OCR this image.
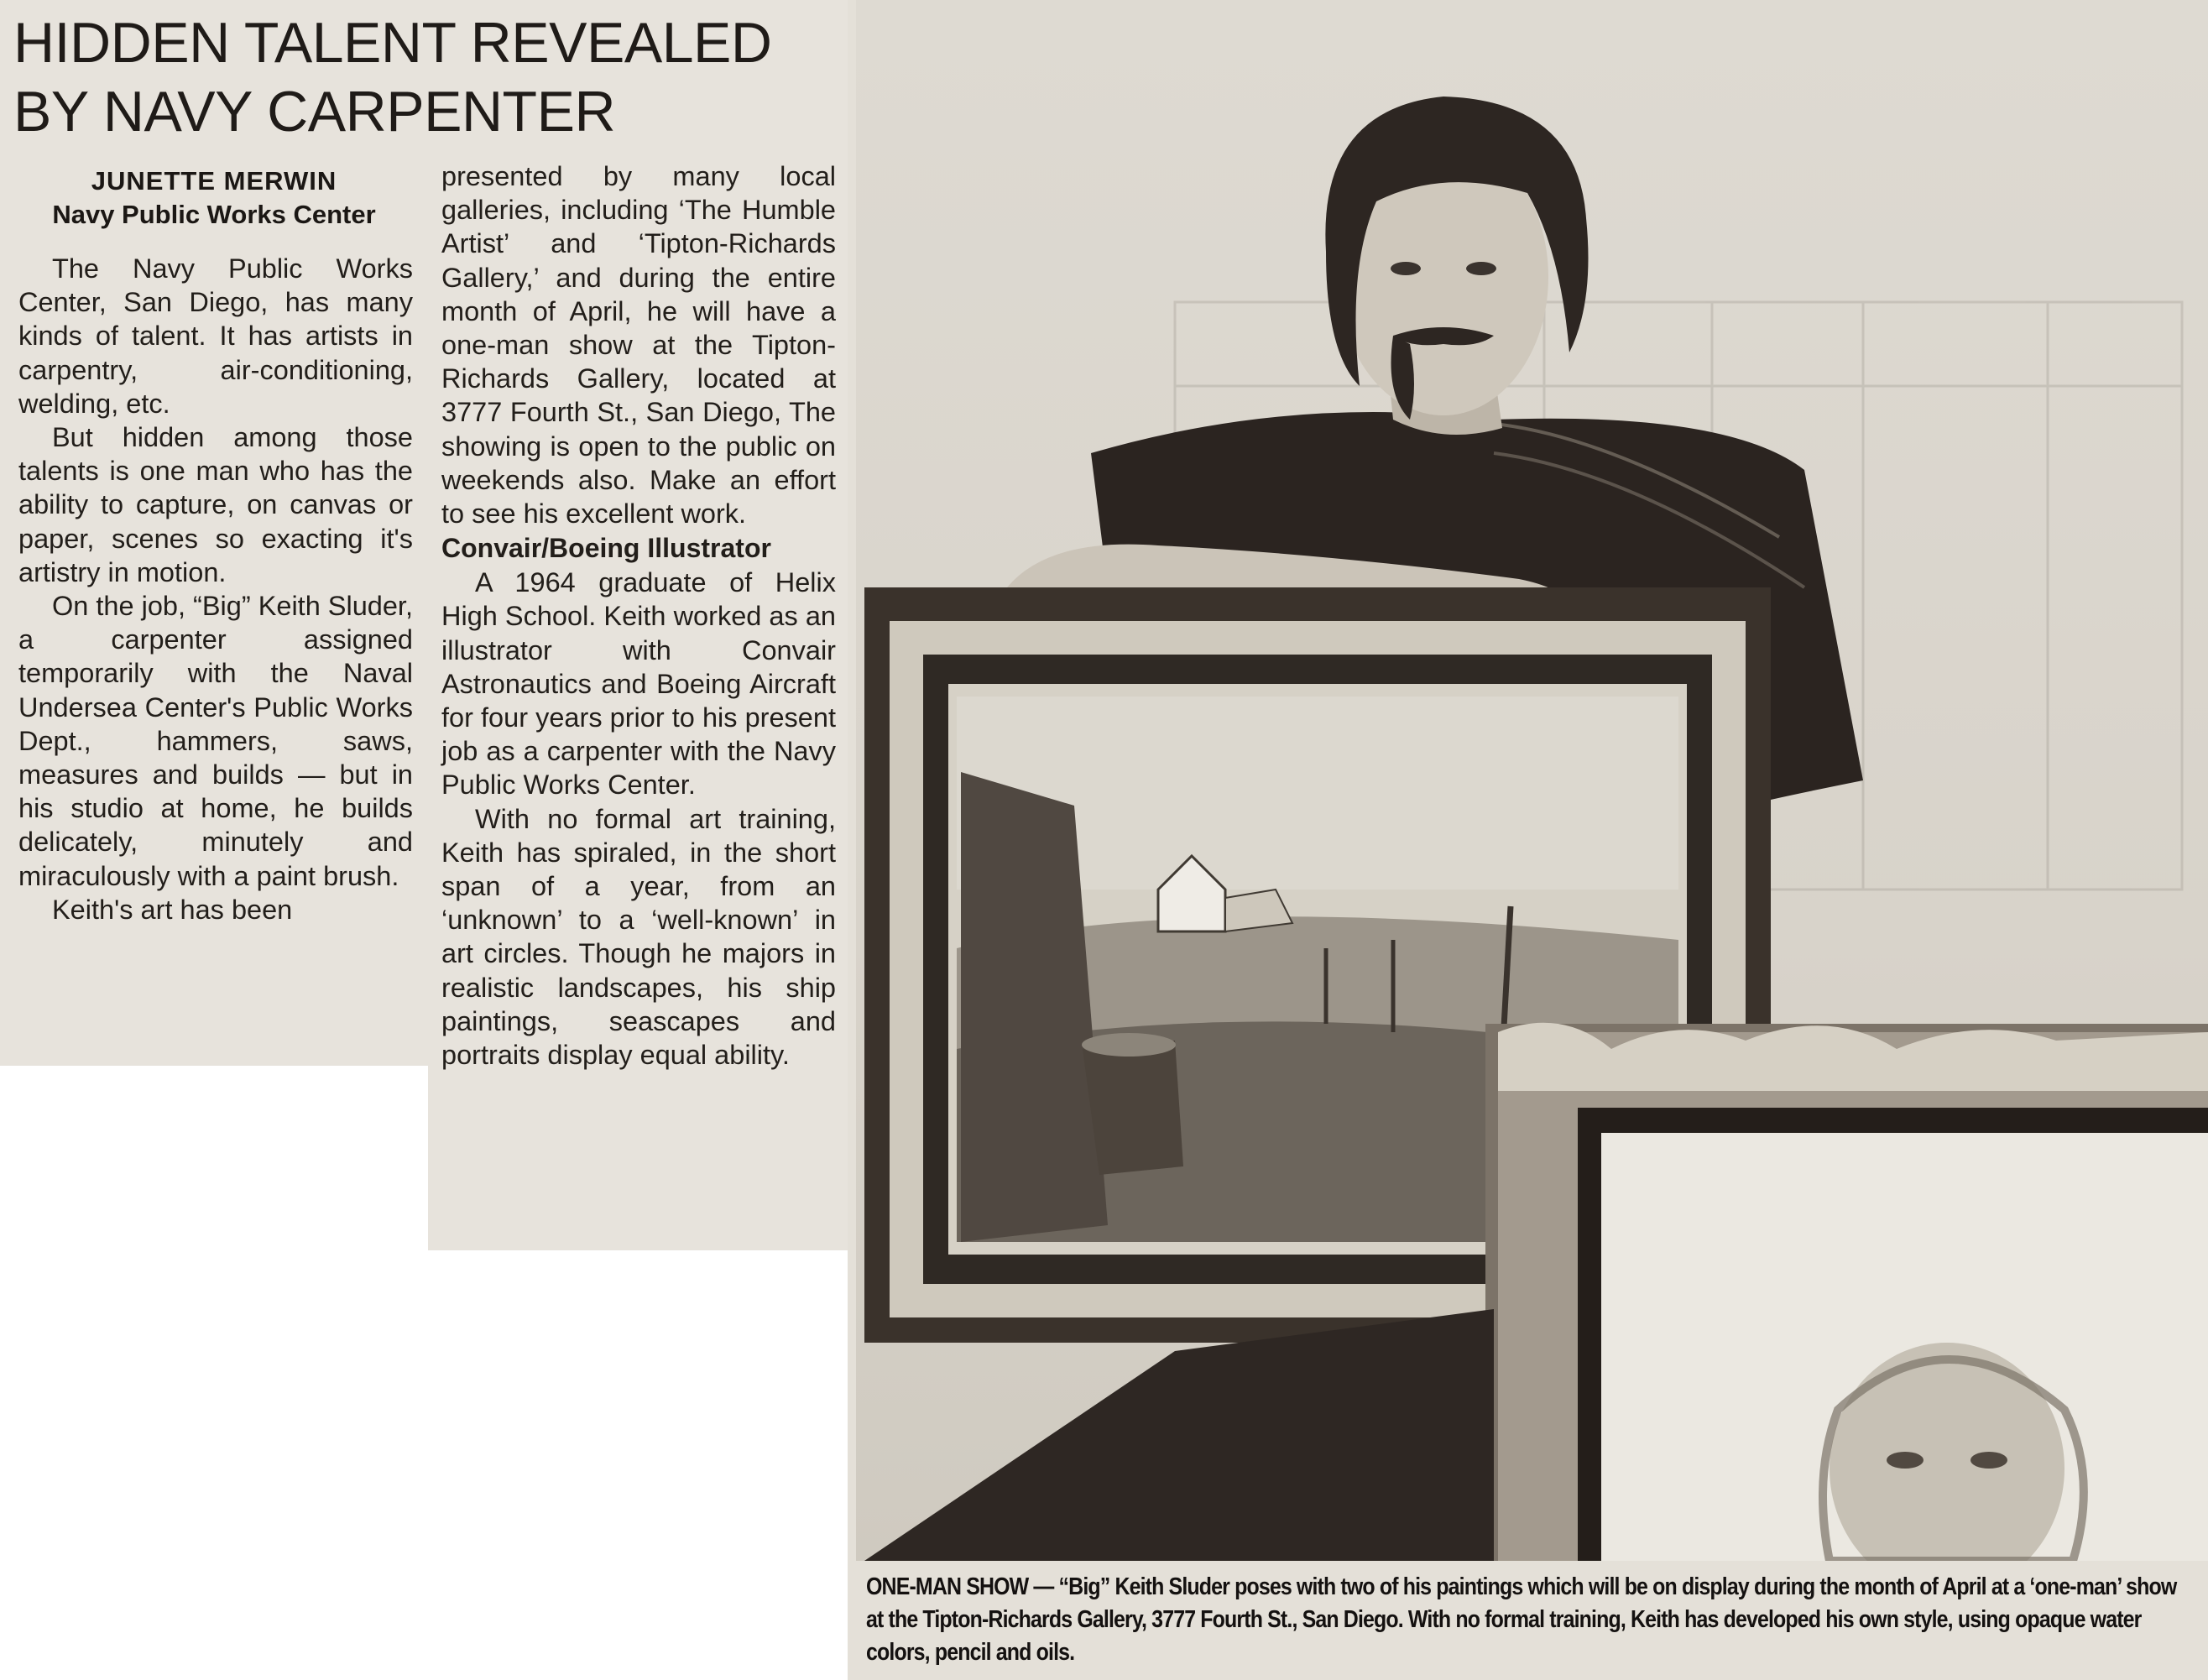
HIDDEN TALENT REVEALED
BY NAVY CARPENTER
JUNETTE MERWIN
Navy Public Works Center

The Navy Public Works Center, San Diego, has many kinds of talent. It has artists in carpentry, air-conditioning, welding, etc.

But hidden among those talents is one man who has the ability to capture, on canvas or paper, scenes so exacting it's artistry in motion.

On the job, “Big” Keith Sluder, a carpenter assigned temporarily with the Naval Undersea Center's Public Works Dept., hammers, saws, measures and builds — but in his studio at home, he builds delicately, minutely and miraculously with a paint brush.

Keith's art has been

presented by many local galleries, including ‘The Humble Artist’ and ‘Tipton-Richards Gallery,’ and during the entire month of April, he will have a one-man show at the Tipton-Richards Gallery, located at 3777 Fourth St., San Diego, The showing is open to the public on weekends also. Make an effort to see his excellent work.

Convair/Boeing Illustrator

A 1964 graduate of Helix High School. Keith worked as an illustrator with Convair Astronautics and Boeing Aircraft for four years prior to his present job as a carpenter with the Navy Public Works Center.

With no formal art training, Keith has spiraled, in the short span of a year, from an ‘unknown’ to a ‘well-known’ in art circles. Though he majors in realistic landscapes, his ship paintings, seascapes and portraits display equal ability.

ONE-MAN SHOW — “Big” Keith Sluder poses with two of his paintings which will be on display during the month of April at a ‘one-man’ show at the Tipton-Richards Gallery, 3777 Fourth St., San Diego. With no formal training, Keith has developed his own style, using opaque water colors, pencil and oils.
